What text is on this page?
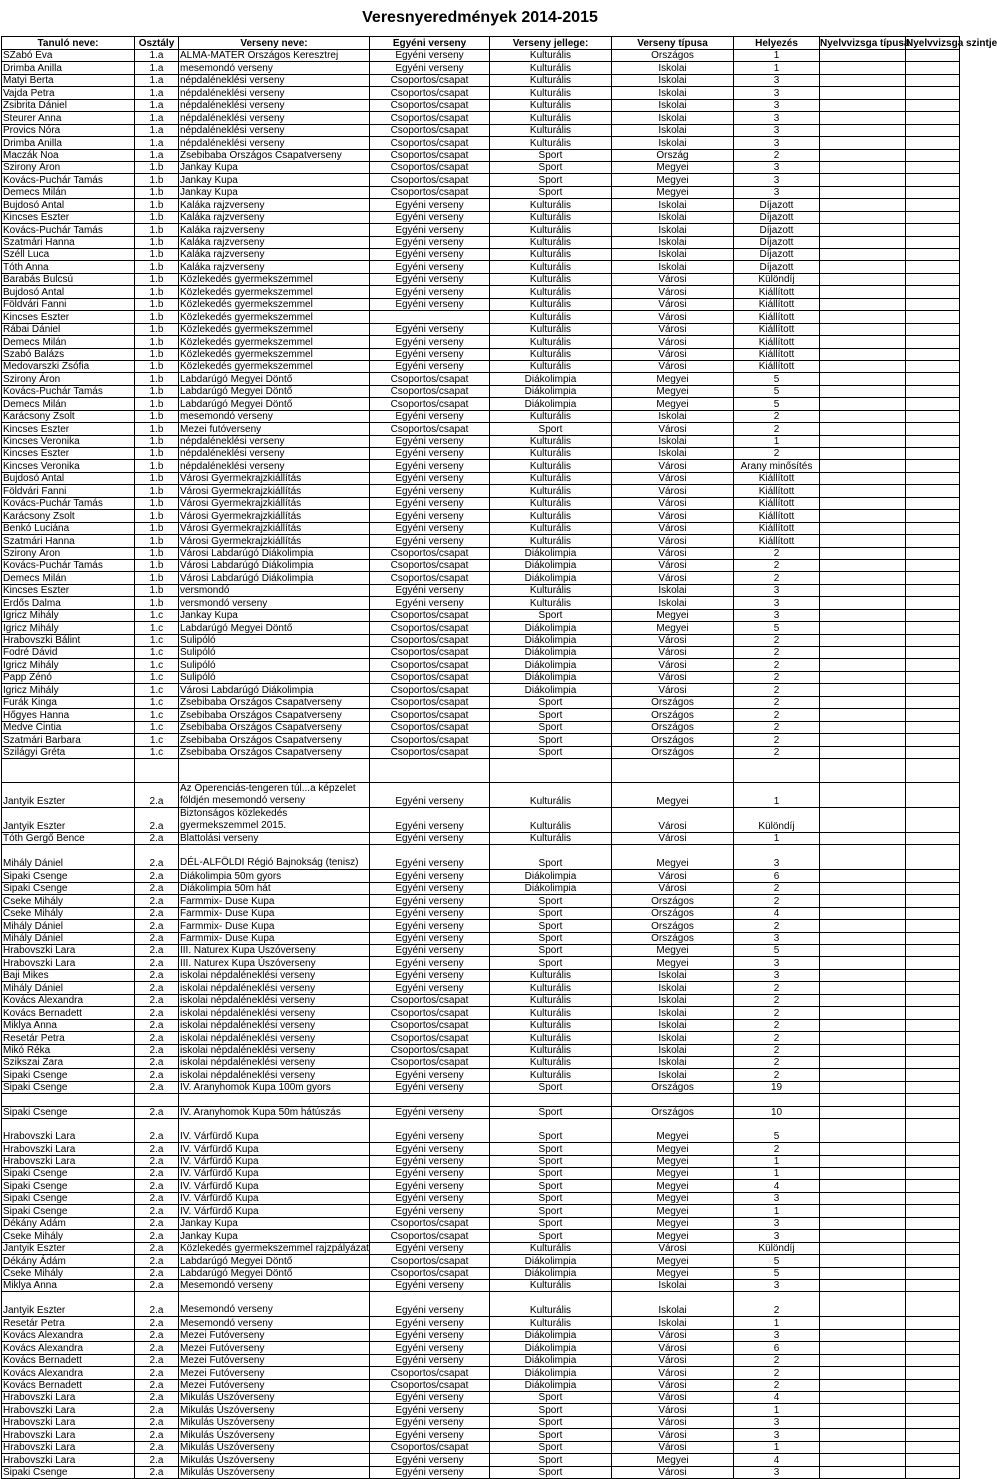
Veresnyeredmények 2014-2015
Tanuló neve:	Osztály	Verseny neve:	Egyéni verseny	Verseny jellege:	Verseny típusa	Helyezés	Nyelvvizsga típusa	Nyelvvizsga szintje
SZabó Éva	1.a	ALMA-MATER Országos Keresztrej	Egyéni verseny	Kulturális	Országos	1		
Drimba Anilla	1.a	mesemondó verseny	Egyéni verseny	Kulturális	Iskolai	1		
Matyi Berta	1.a	népdaléneklési verseny	Csoportos/csapat	Kulturális	Iskolai	3		
Vajda Petra	1.a	népdaléneklési verseny	Csoportos/csapat	Kulturális	Iskolai	3		
Zsibrita Dániel	1.a	népdaléneklési verseny	Csoportos/csapat	Kulturális	Iskolai	3		
Steurer Anna	1.a	népdaléneklési verseny	Csoportos/csapat	Kulturális	Iskolai	3		
Provics Nóra	1.a	népdaléneklési verseny	Csoportos/csapat	Kulturális	Iskolai	3		
Drimba Anilla	1.a	népdaléneklési verseny	Csoportos/csapat	Kulturális	Iskolai	3		
Maczák Noa	1.a	Zsebibaba Országos Csapatverseny	Csoportos/csapat	Sport	Ország	2		
Szirony Áron	1.b	Jankay Kupa	Csoportos/csapat	Sport	Megyei	3		
Kovács-Puchár Tamás	1.b	Jankay Kupa	Csoportos/csapat	Sport	Megyei	3		
Demecs Milán	1.b	Jankay Kupa	Csoportos/csapat	Sport	Megyei	3		
Bujdosó Antal	1.b	Kaláka rajzverseny	Egyéni verseny	Kulturális	Iskolai	Díjazott		
Kincses Eszter	1.b	Kaláka rajzverseny	Egyéni verseny	Kulturális	Iskolai	Díjazott		
Kovács-Puchár Tamás	1.b	Kaláka rajzverseny	Egyéni verseny	Kulturális	Iskolai	Díjazott		
Szatmári Hanna	1.b	Kaláka rajzverseny	Egyéni verseny	Kulturális	Iskolai	Díjazott		
Széll Luca	1.b	Kaláka rajzverseny	Egyéni verseny	Kulturális	Iskolai	Díjazott		
Tóth Anna	1.b	Kaláka rajzverseny	Egyéni verseny	Kulturális	Iskolai	Díjazott		
Barabás Bulcsú	1.b	Közlekedés gyermekszemmel	Egyéni verseny	Kulturális	Városi	Különdíj		
Bujdosó Antal	1.b	Közlekedés gyermekszemmel	Egyéni verseny	Kulturális	Városi	Kiállított		
Földvári Fanni	1.b	Közlekedés gyermekszemmel	Egyéni verseny	Kulturális	Városi	Kiállított		
Kincses Eszter	1.b	Közlekedés gyermekszemmel		Kulturális	Városi	Kiállított		
Rábai Dániel	1.b	Közlekedés gyermekszemmel	Egyéni verseny	Kulturális	Városi	Kiállított		
Demecs Milán	1.b	Közlekedés gyermekszemmel	Egyéni verseny	Kulturális	Városi	Kiállított		
Szabó Balázs	1.b	Közlekedés gyermekszemmel	Egyéni verseny	Kulturális	Városi	Kiállított		
Medovarszki Zsófia	1.b	Közlekedés gyermekszemmel	Egyéni verseny	Kulturális	Városi	Kiállított		
Szirony Áron	1.b	Labdarúgó Megyei Döntő	Csoportos/csapat	Diákolimpia	Megyei	5		
Kovács-Puchár Tamás	1.b	Labdarúgó Megyei Döntő	Csoportos/csapat	Diákolimpia	Megyei	5		
Demecs Milán	1.b	Labdarúgó Megyei Döntő	Csoportos/csapat	Diákolimpia	Megyei	5		
Karácsony Zsolt	1.b	mesemondó verseny	Egyéni verseny	Kulturális	Iskolai	2		
Kincses Eszter	1.b	Mezei futóverseny	Csoportos/csapat	Sport	Városi	2		
Kincses Veronika	1.b	népdaléneklési verseny	Egyéni verseny	Kulturális	Iskolai	1		
Kincses Eszter	1.b	népdaléneklési verseny	Egyéni verseny	Kulturális	Iskolai	2		
Kincses Veronika	1.b	népdaléneklési verseny	Egyéni verseny	Kulturális	Városi	Arany minősítés		
Bujdosó Antal	1.b	Városi Gyermekrajzkiállítás	Egyéni verseny	Kulturális	Városi	Kiállított		
Földvári Fanni	1.b	Városi Gyermekrajzkiállítás	Egyéni verseny	Kulturális	Városi	Kiállított		
Kovács-Puchár Tamás	1.b	Városi Gyermekrajzkiállítás	Egyéni verseny	Kulturális	Városi	Kiállított		
Karácsony Zsolt	1.b	Városi Gyermekrajzkiállítás	Egyéni verseny	Kulturális	Városi	Kiállított		
Benkó Luciána	1.b	Városi Gyermekrajzkiállítás	Egyéni verseny	Kulturális	Városi	Kiállított		
Szatmári Hanna	1.b	Városi Gyermekrajzkiállítás	Egyéni verseny	Kulturális	Városi	Kiállított		
Szirony Áron	1.b	Városi Labdarúgó Diákolimpia	Csoportos/csapat	Diákolimpia	Városi	2		
Kovács-Puchár Tamás	1.b	Városi Labdarúgó Diákolimpia	Csoportos/csapat	Diákolimpia	Városi	2		
Demecs Milán	1.b	Városi Labdarúgó Diákolimpia	Csoportos/csapat	Diákolimpia	Városi	2		
Kincses Eszter	1.b	versmondó	Egyéni verseny	Kulturális	Iskolai	3		
Erdős Dalma	1.b	versmondó verseny	Egyéni verseny	Kulturális	Iskolai	3		
Igricz Mihály	1.c	Jankay Kupa	Csoportos/csapat	Sport	Megyei	3		
Igricz Mihály	1.c	Labdarúgó Megyei Döntő	Csoportos/csapat	Diákolimpia	Megyei	5		
Hrabovszki Bálint	1.c	Sulipóló	Csoportos/csapat	Diákolimpia	Városi	2		
Fodré Dávid	1.c	Sulipóló	Csoportos/csapat	Diákolimpia	Városi	2		
Igricz Mihály	1.c	Sulipóló	Csoportos/csapat	Diákolimpia	Városi	2		
Papp Zénó	1.c	Sulipóló	Csoportos/csapat	Diákolimpia	Városi	2		
Igricz Mihály	1.c	Városi Labdarúgó Diákolimpia	Csoportos/csapat	Diákolimpia	Városi	2		
Furák Kinga	1.c	Zsebibaba Országos Csapatverseny	Csoportos/csapat	Sport	Országos	2		
Hőgyes Hanna	1.c	Zsebibaba Országos Csapatverseny	Csoportos/csapat	Sport	Országos	2		
Medve Cintia	1.c	Zsebibaba Országos Csapatverseny	Csoportos/csapat	Sport	Országos	2		
Szatmári Barbara	1.c	Zsebibaba Országos Csapatverseny	Csoportos/csapat	Sport	Országos	2		
Szilágyi Gréta	1.c	Zsebibaba Országos Csapatverseny	Csoportos/csapat	Sport	Országos	2		

Jantyik Eszter	2.a	Az Óperenciás-tengeren túl...a képzelet földjén mesemondó verseny	Egyéni verseny	Kulturális	Megyei	1		
Jantyik Eszter	2.a	Biztonságos közlekedés gyermekszemmel 2015.	Egyéni verseny	Kulturális	Városi	Különdíj		
Tóth Gergő Bence	2.a	Blattolási verseny	Egyéni verseny	Kulturális	Városi	1		
Mihály Dániel	2.a	DÉL-ALFÖLDI Régió Bajnokság (tenisz)	Egyéni verseny	Sport	Megyei	3		
Sipaki Csenge	2.a	Diákolimpia 50m gyors	Egyéni verseny	Diákolimpia	Városi	6		
Sipaki Csenge	2.a	Diákolimpia 50m hát	Egyéni verseny	Diákolimpia	Városi	2		
Cseke Mihály	2.a	Farmmix- Duse Kupa	Egyéni verseny	Sport	Országos	2		
Cseke Mihály	2.a	Farmmix- Duse Kupa	Egyéni verseny	Sport	Országos	4		
Mihály Dániel	2.a	Farmmix- Duse Kupa	Egyéni verseny	Sport	Országos	2		
Mihály Dániel	2.a	Farmmix- Duse Kupa	Egyéni verseny	Sport	Országos	3		
Hrabovszki Lara	2.a	III. Naturex Kupa Úszóverseny	Egyéni verseny	Sport	Megyei	5		
Hrabovszki Lara	2.a	III. Naturex Kupa Úszóverseny	Egyéni verseny	Sport	Megyei	3		
Baji Mikes	2.a	iskolai népdaléneklési verseny	Egyéni verseny	Kulturális	Iskolai	3		
Mihály Dániel	2.a	iskolai népdaléneklési verseny	Egyéni verseny	Kulturális	Iskolai	2		
Kovács Alexandra	2.a	iskolai népdaléneklési verseny	Csoportos/csapat	Kulturális	Iskolai	2		
Kovács Bernadett	2.a	iskolai népdaléneklési verseny	Csoportos/csapat	Kulturális	Iskolai	2		
Miklya Anna	2.a	iskolai népdaléneklési verseny	Csoportos/csapat	Kulturális	Iskolai	2		
Resetár Petra	2.a	iskolai népdaléneklési verseny	Csoportos/csapat	Kulturális	Iskolai	2		
Mikó Réka	2.a	iskolai népdaléneklési verseny	Csoportos/csapat	Kulturális	Iskolai	2		
Szikszai Zara	2.a	iskolai népdaléneklési verseny	Csoportos/csapat	Kulturális	Iskolai	2		
Sipaki Csenge	2.a	iskolai népdaléneklési verseny	Egyéni verseny	Kulturális	Iskolai	2		
Sipaki Csenge	2.a	IV. Aranyhomok Kupa 100m gyors	Egyéni verseny	Sport	Országos	19		

Sipaki Csenge	2.a	IV. Aranyhomok Kupa 50m hátúszás	Egyéni verseny	Sport	Országos	10		
Hrabovszki Lara	2.a	IV. Várfürdő Kupa	Egyéni verseny	Sport	Megyei	5		
Hrabovszki Lara	2.a	IV. Várfürdő Kupa	Egyéni verseny	Sport	Megyei	2		
Hrabovszki Lara	2.a	IV. Várfürdő Kupa	Egyéni verseny	Sport	Megyei	1		
Sipaki Csenge	2.a	IV. Várfürdő Kupa	Egyéni verseny	Sport	Megyei	1		
Sipaki Csenge	2.a	IV. Várfürdő Kupa	Egyéni verseny	Sport	Megyei	4		
Sipaki Csenge	2.a	IV. Várfürdő Kupa	Egyéni verseny	Sport	Megyei	3		
Sipaki Csenge	2.a	IV. Várfürdő Kupa	Egyéni verseny	Sport	Megyei	1		
Dékány Ádám	2.a	Jankay Kupa	Csoportos/csapat	Sport	Megyei	3		
Cseke Mihály	2.a	Jankay Kupa	Csoportos/csapat	Sport	Megyei	3		
Jantyik Eszter	2.a	Közlekedés gyermekszemmel rajzpályázat	Egyéni verseny	Kulturális	Városi	Különdíj		
Dékány Ádám	2.a	Labdarúgó Megyei Döntő	Csoportos/csapat	Diákolimpia	Megyei	5		
Cseke Mihály	2.a	Labdarúgó Megyei Döntő	Csoportos/csapat	Diákolimpia	Megyei	5		
Miklya Anna	2.a	Mesemondó verseny	Egyéni verseny	Kulturális	Iskolai	3		
Jantyik Eszter	2.a	Mesemondó verseny	Egyéni verseny	Kulturális	Iskolai	2		
Resetár Petra	2.a	Mesemondó verseny	Egyéni verseny	Kulturális	Iskolai	1		
Kovács Alexandra	2.a	Mezei Futóverseny	Egyéni verseny	Diákolimpia	Városi	3		
Kovács Alexandra	2.a	Mezei Futóverseny	Egyéni verseny	Diákolimpia	Városi	6		
Kovács Bernadett	2.a	Mezei Futóverseny	Egyéni verseny	Diákolimpia	Városi	2		
Kovács Alexandra	2.a	Mezei Futóverseny	Csoportos/csapat	Diákolimpia	Városi	2		
Kovács Bernadett	2.a	Mezei Futóverseny	Csoportos/csapat	Diákolimpia	Városi	2		
Hrabovszki Lara	2.a	Mikulás Úszóverseny	Egyéni verseny	Sport	Városi	4		
Hrabovszki Lara	2.a	Mikulás Úszóverseny	Egyéni verseny	Sport	Városi	1		
Hrabovszki Lara	2.a	Mikulás Úszóverseny	Egyéni verseny	Sport	Városi	3		
Hrabovszki Lara	2.a	Mikulás Úszóverseny	Egyéni verseny	Sport	Városi	3		
Hrabovszki Lara	2.a	Mikulás Úszóverseny	Csoportos/csapat	Sport	Városi	1		
Hrabovszki Lara	2.a	Mikulás Úszóverseny	Egyéni verseny	Sport	Megyei	4		
Sipaki Csenge	2.a	Mikulás Úszóverseny	Egyéni verseny	Sport	Városi	3		
